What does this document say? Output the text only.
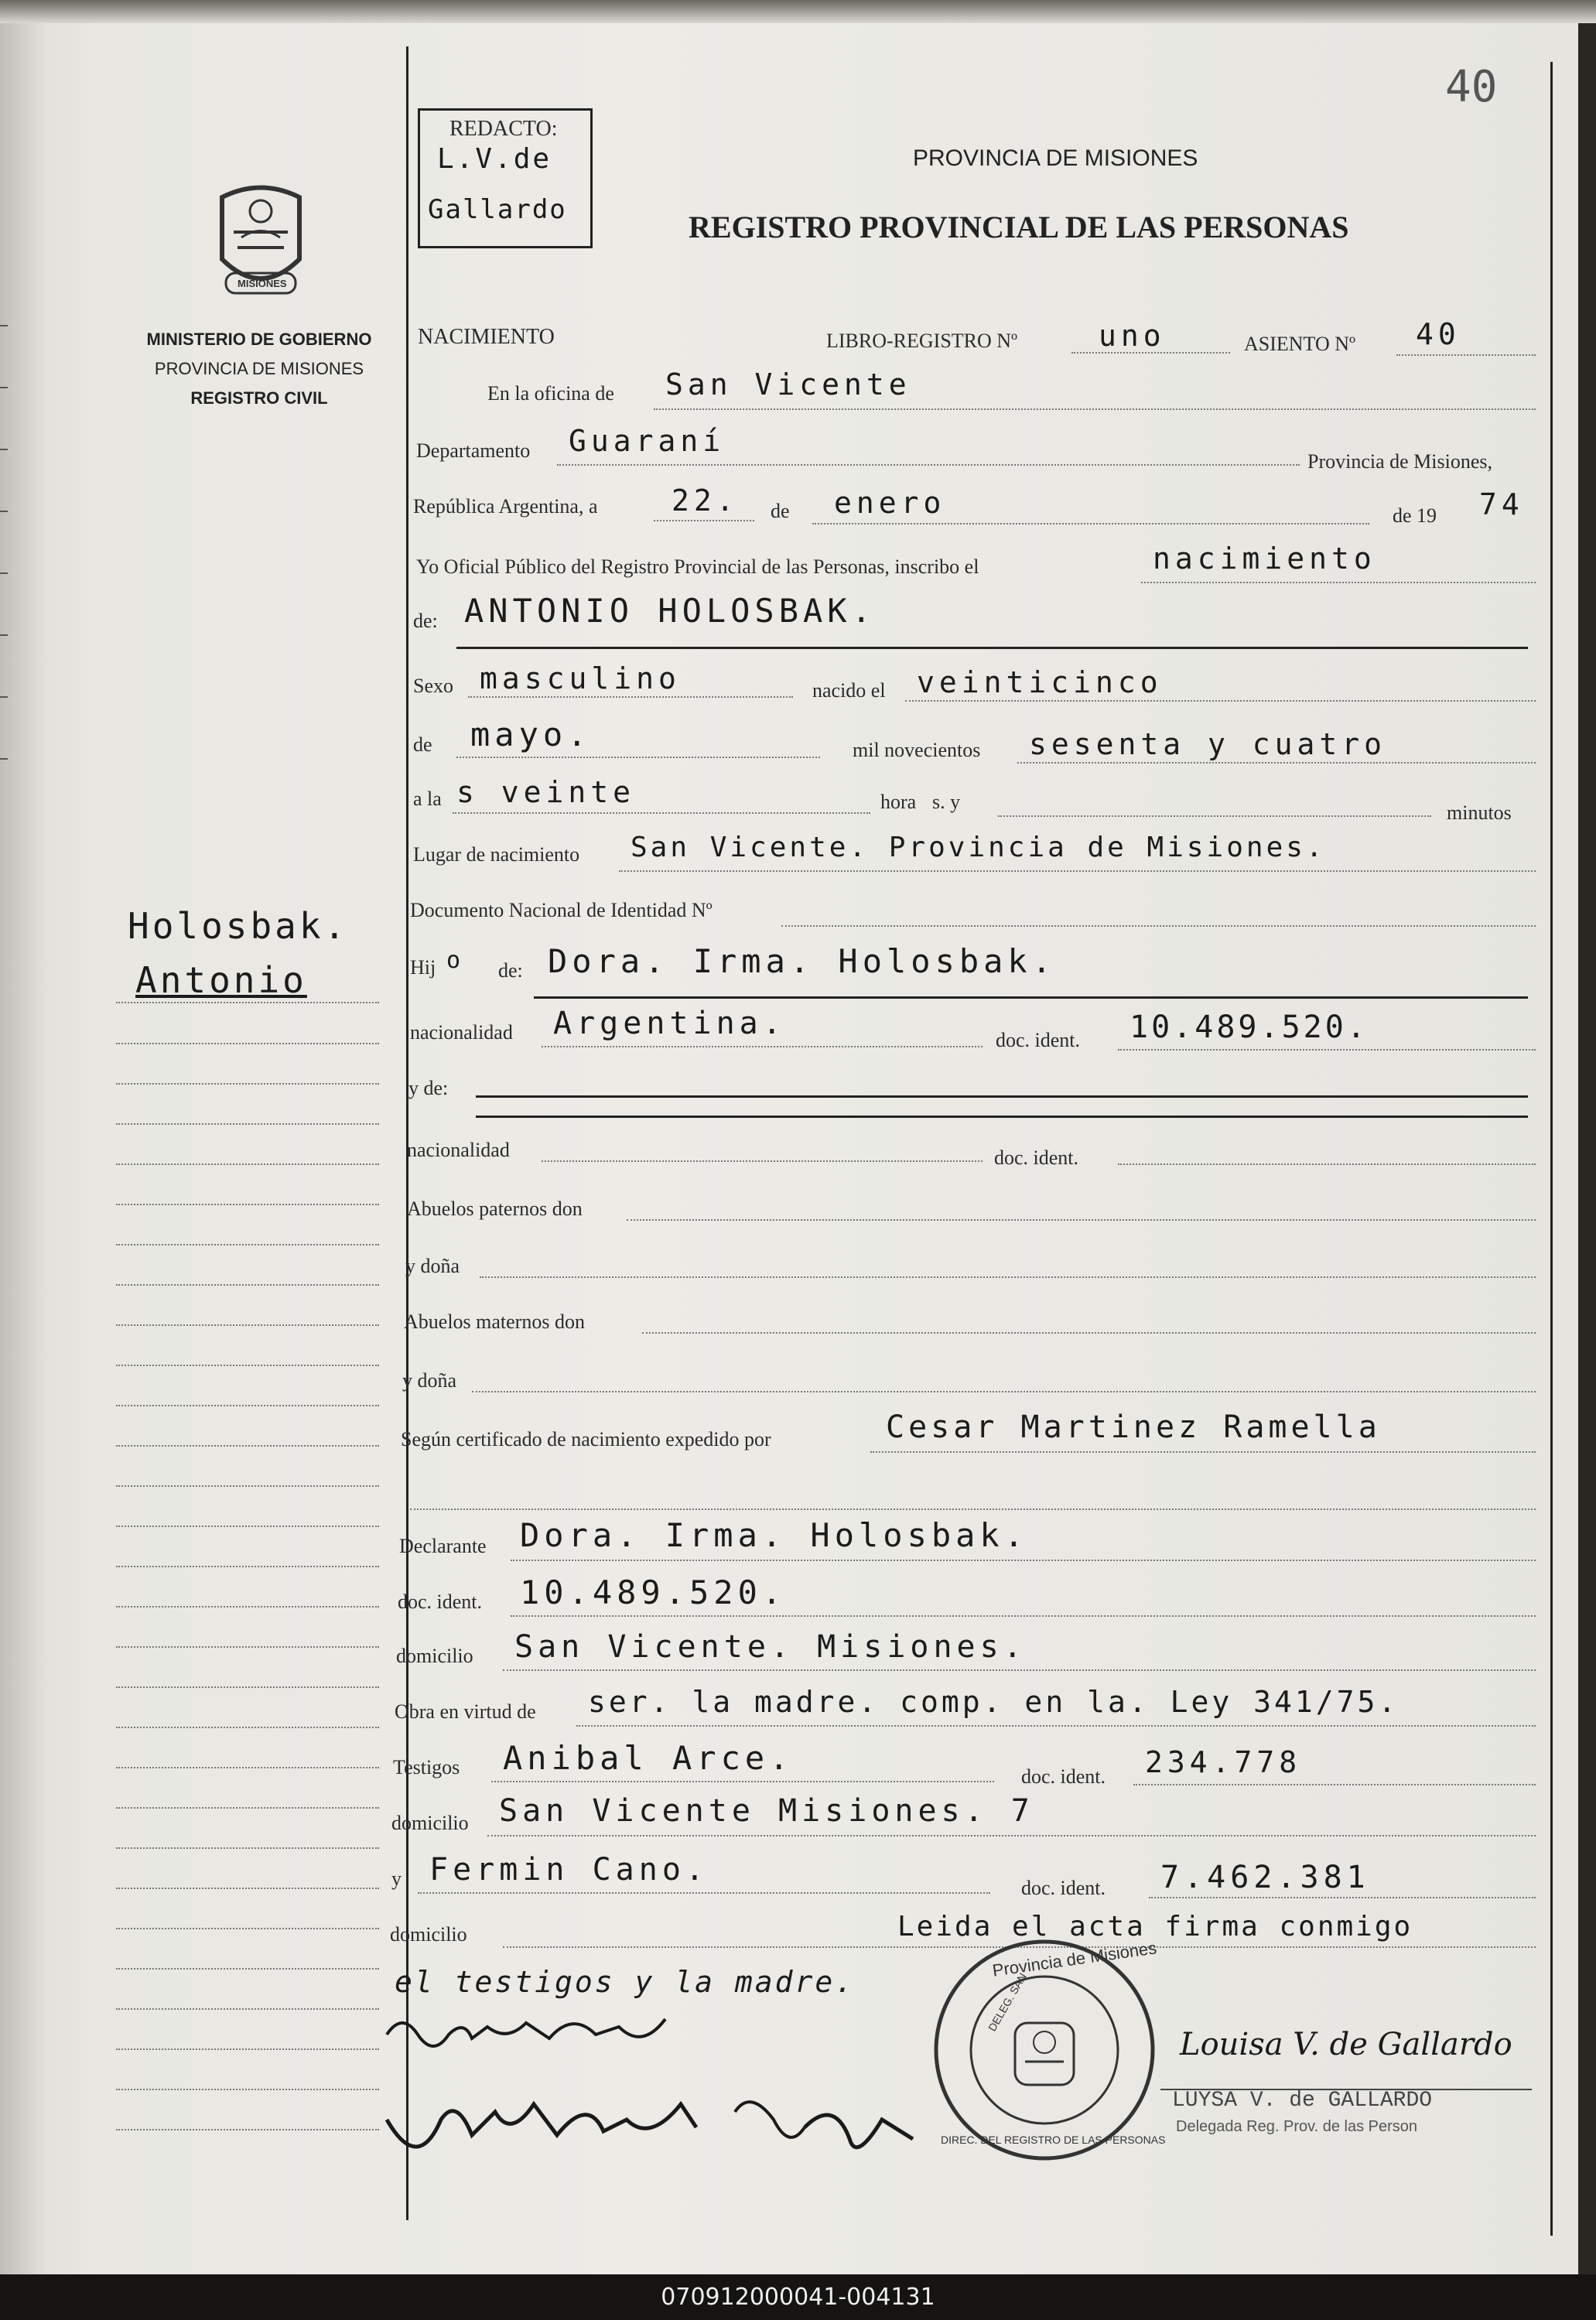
40
REDACTO:
L.V.de
Gallardo
MISIONES
MINISTERIO DE GOBIERNO
PROVINCIA DE MISIONES
REGISTRO CIVIL
PROVINCIA DE MISIONES
REGISTRO PROVINCIAL DE LAS PERSONAS
Holosbak.
Antonio
NACIMIENTO	LIBRO-REGISTRO Nº	uno	ASIENTO Nº 40
En la oficina de San Vicente
Departamento Guaraní
Provincia de Misiones,
República Argentina, a	22. de enero	de 19 74
Yo Oficial Público del Registro Provincial de las Personas, inscribo el	nacimiento
de: ANTONIO HOLOSBAK.
Sexo masculino	nacido el veinticinco
de mayo.	mil novecientos sesenta y cuatro
a la s veinte	hora s. y	minutos
Lugar de nacimiento San Vicente. Provincia de Misiones.
Documento Nacional de Identidad Nº
Hij o de: Dora. Irma. Holosbak.
nacionalidad Argentina.	doc. ident. 10.489.520.
y de:
nacionalidad	doc. ident.
Abuelos paternos don
y doña
Abuelos maternos don
y doña
Según certificado de nacimiento expedido por	Cesar Martinez Ramella
Declarante Dora. Irma. Holosbak.
doc. ident. 10.489.520.
domicilio San Vicente. Misiones.
Obra en virtud de ser. la madre. comp. en la. Ley 341/75.
Testigos Anibal Arce.	doc. ident. 234.778
domicilio San Vicente Misiones. 7
y Fermin Cano.
doc. ident. 7.462.381
domicilio	Leida el acta firma conmigo
el testigos y la madre.
Provincia de Misiones
DIREC. DEL REGISTRO DE LAS PERSONAS
DELEG. SAN
Louisa V. de Gallardo
LUYSA V. de GALLARDO
Delegada Reg. Prov. de las Person
070912000041-004131
